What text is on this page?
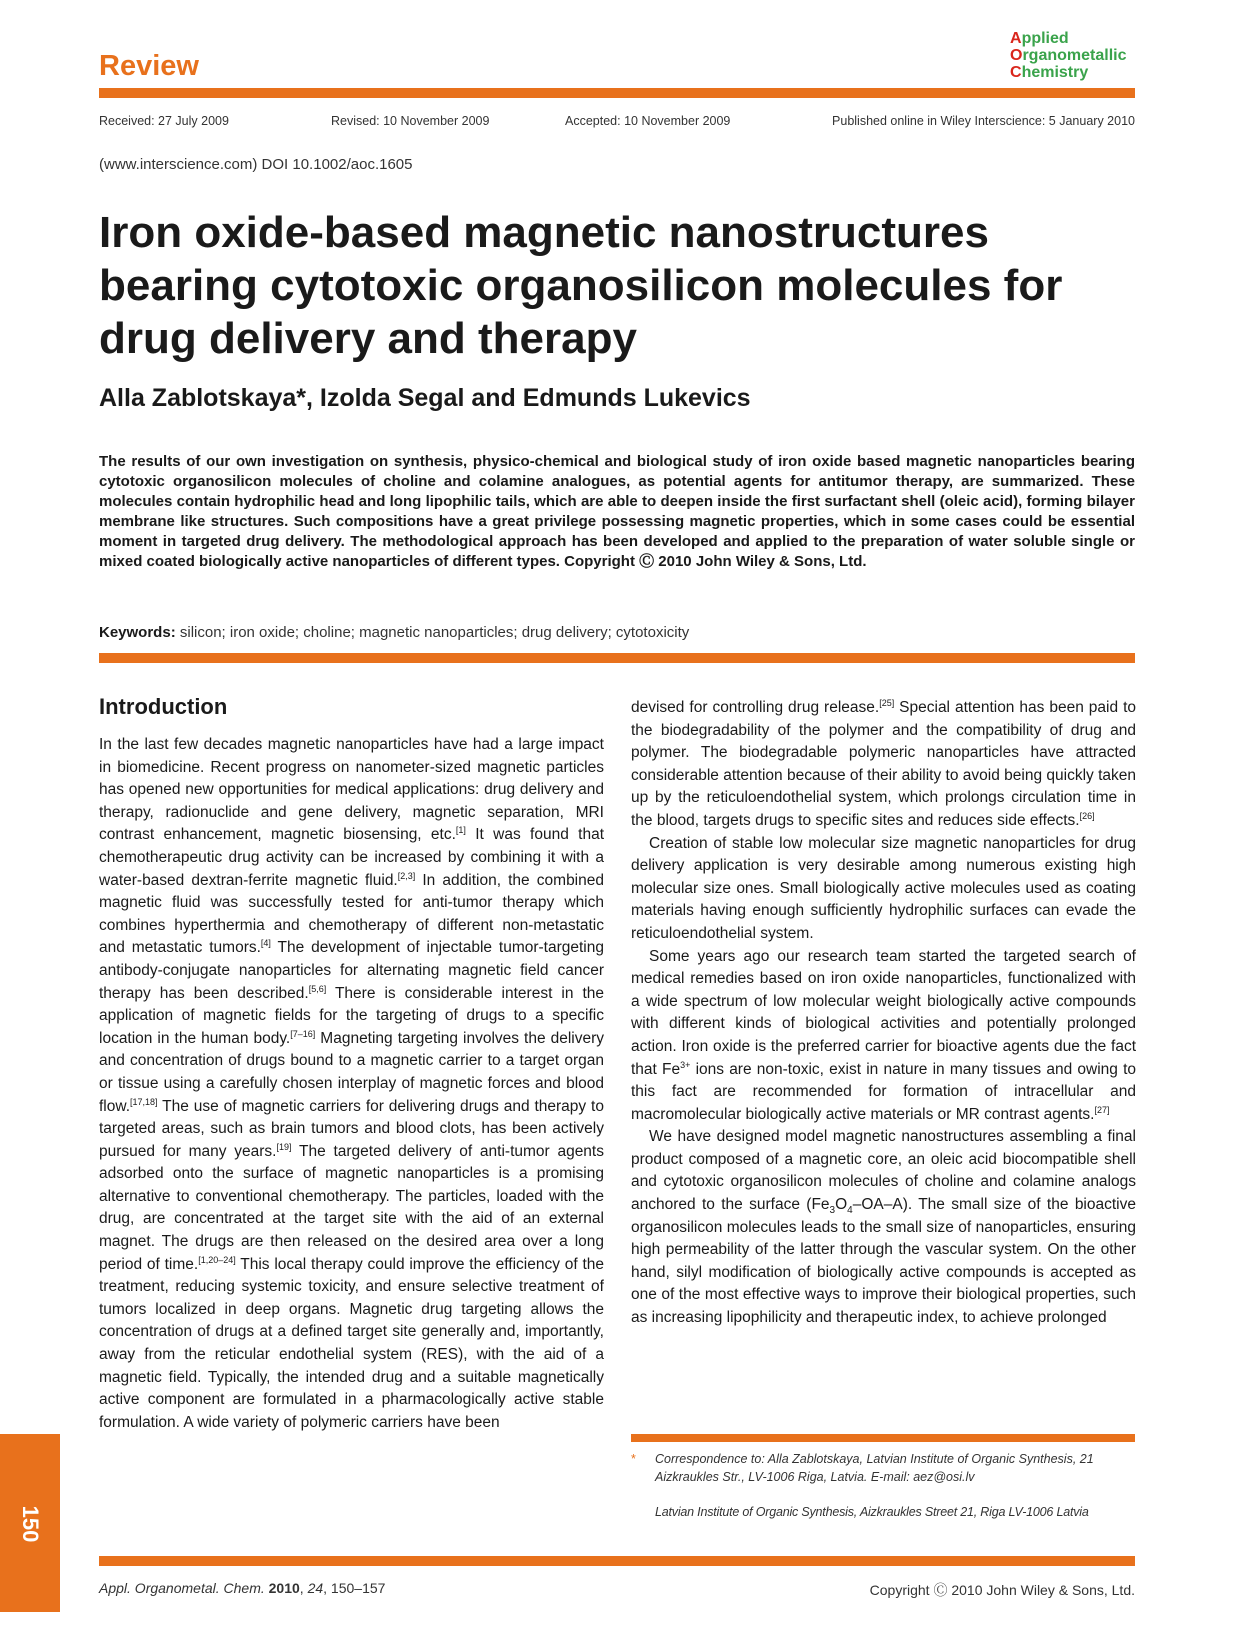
Review
Applied
Organometallic
Chemistry
Received: 27 July 2009	Revised: 10 November 2009	Accepted: 10 November 2009	Published online in Wiley Interscience: 5 January 2010
(www.interscience.com) DOI 10.1002/aoc.1605
Iron oxide-based magnetic nanostructures bearing cytotoxic organosilicon molecules for drug delivery and therapy
Alla Zablotskaya*, Izolda Segal and Edmunds Lukevics

The results of our own investigation on synthesis, physico-chemical and biological study of iron oxide based magnetic nanoparticles bearing cytotoxic organosilicon molecules of choline and colamine analogues, as potential agents for antitumor therapy, are summarized. These molecules contain hydrophilic head and long lipophilic tails, which are able to deepen inside the first surfactant shell (oleic acid), forming bilayer membrane like structures. Such compositions have a great privilege possessing magnetic properties, which in some cases could be essential moment in targeted drug delivery. The methodological approach has been developed and applied to the preparation of water soluble single or mixed coated biologically active nanoparticles of different types. Copyright Ⓒ 2010 John Wiley & Sons, Ltd.

Keywords: silicon; iron oxide; choline; magnetic nanoparticles; drug delivery; cytotoxicity
Introduction

In the last few decades magnetic nanoparticles have had a large impact in biomedicine. Recent progress on nanometer-sized magnetic particles has opened new opportunities for medical applications: drug delivery and therapy, radionuclide and gene delivery, magnetic separation, MRI contrast enhancement, magnetic biosensing, etc.[1] It was found that chemotherapeutic drug activity can be increased by combining it with a water-based dextran-ferrite magnetic fluid.[2,3] In addition, the combined magnetic fluid was successfully tested for anti-tumor therapy which combines hyperthermia and chemotherapy of different non-metastatic and metastatic tumors.[4] The development of injectable tumor-targeting antibody-conjugate nanoparticles for alternating magnetic field cancer therapy has been described.[5,6] There is considerable interest in the application of magnetic fields for the targeting of drugs to a specific location in the human body.[7–16] Magneting targeting involves the delivery and concentration of drugs bound to a magnetic carrier to a target organ or tissue using a carefully chosen interplay of magnetic forces and blood flow.[17,18] The use of magnetic carriers for delivering drugs and therapy to targeted areas, such as brain tumors and blood clots, has been actively pursued for many years.[19] The targeted delivery of anti-tumor agents adsorbed onto the surface of magnetic nanoparticles is a promising alternative to conventional chemotherapy. The particles, loaded with the drug, are concentrated at the target site with the aid of an external magnet. The drugs are then released on the desired area over a long period of time.[1,20–24] This local therapy could improve the efficiency of the treatment, reducing systemic toxicity, and ensure selective treatment of tumors localized in deep organs. Magnetic drug targeting allows the concentration of drugs at a defined target site generally and, importantly, away from the reticular endothelial system (RES), with the aid of a magnetic field. Typically, the intended drug and a suitable magnetically active component are formulated in a pharmacologically active stable formulation. A wide variety of polymeric carriers have been

devised for controlling drug release.[25] Special attention has been paid to the biodegradability of the polymer and the compatibility of drug and polymer. The biodegradable polymeric nanoparticles have attracted considerable attention because of their ability to avoid being quickly taken up by the reticuloendothelial system, which prolongs circulation time in the blood, targets drugs to specific sites and reduces side effects.[26]

Creation of stable low molecular size magnetic nanoparticles for drug delivery application is very desirable among numerous existing high molecular size ones. Small biologically active molecules used as coating materials having enough sufficiently hydrophilic surfaces can evade the reticuloendothelial system.

Some years ago our research team started the targeted search of medical remedies based on iron oxide nanoparticles, functionalized with a wide spectrum of low molecular weight biologically active compounds with different kinds of biological activities and potentially prolonged action. Iron oxide is the preferred carrier for bioactive agents due the fact that $Fe^{3+}$ ions are non-toxic, exist in nature in many tissues and owing to this fact are recommended for formation of intracellular and macromolecular biologically active materials or MR contrast agents.[27]

We have designed model magnetic nanostructures assembling a final product composed of a magnetic core, an oleic acid biocompatible shell and cytotoxic organosilicon molecules of choline and colamine analogs anchored to the surface $(Fe_3O_4-OA-A)$. The small size of the bioactive organosilicon molecules leads to the small size of nanoparticles, ensuring high permeability of the latter through the vascular system. On the other hand, silyl modification of biologically active compounds is accepted as one of the most effective ways to improve their biological properties, such as increasing lipophilicity and therapeutic index, to achieve prolonged

*	Correspondence to: Alla Zablotskaya, Latvian Institute of Organic Synthesis, 21 Aizkraukles Str., LV-1006 Riga, Latvia. E-mail: aez@osi.lv
Latvian Institute of Organic Synthesis, Aizkraukles Street 21, Riga LV-1006 Latvia
150
Appl. Organometal. Chem. 2010, 24, 150–157	Copyright Ⓒ 2010 John Wiley & Sons, Ltd.
